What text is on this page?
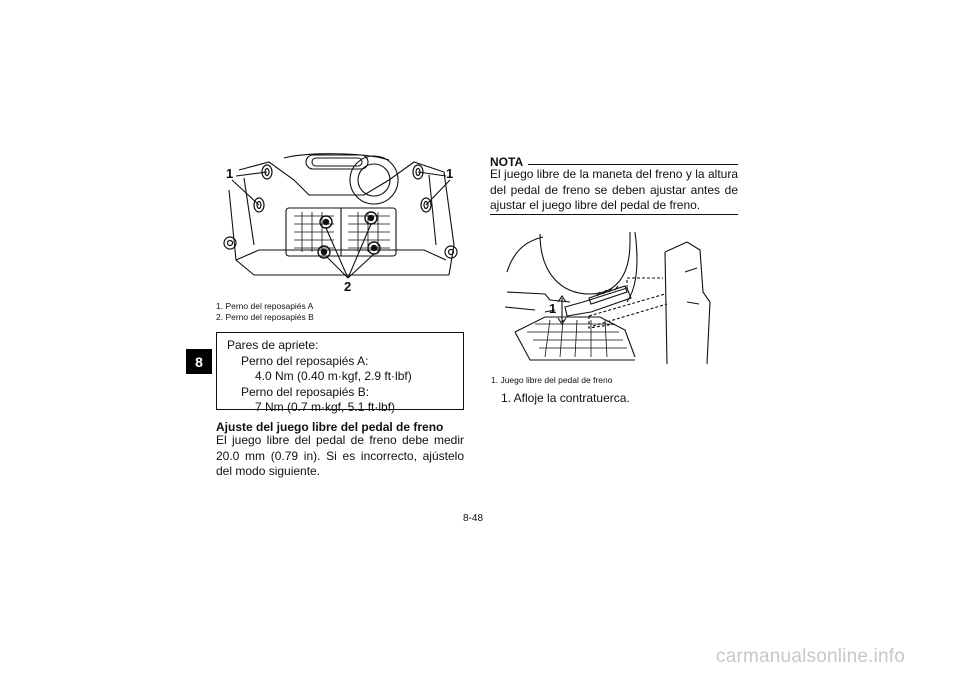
8
1	1
2
1. Perno del reposapiés A
2. Perno del reposapiés B
Pares de apriete:
Perno del reposapiés A:
4.0 Nm (0.40 m·kgf, 2.9 ft·lbf)
Perno del reposapiés B:
7 Nm (0.7 m·kgf, 5.1 ft·lbf)
Ajuste del juego libre del pedal de freno
El juego libre del pedal de freno debe medir 20.0 mm (0.79 in). Si es incorrecto, ajústelo del modo siguiente.
NOTA
El juego libre de la maneta del freno y la altura del pedal de freno se deben ajustar antes de ajustar el juego libre del pedal de freno.
1
1. Juego libre del pedal de freno
1. Afloje la contratuerca.
8-48
carmanualsonline.info
